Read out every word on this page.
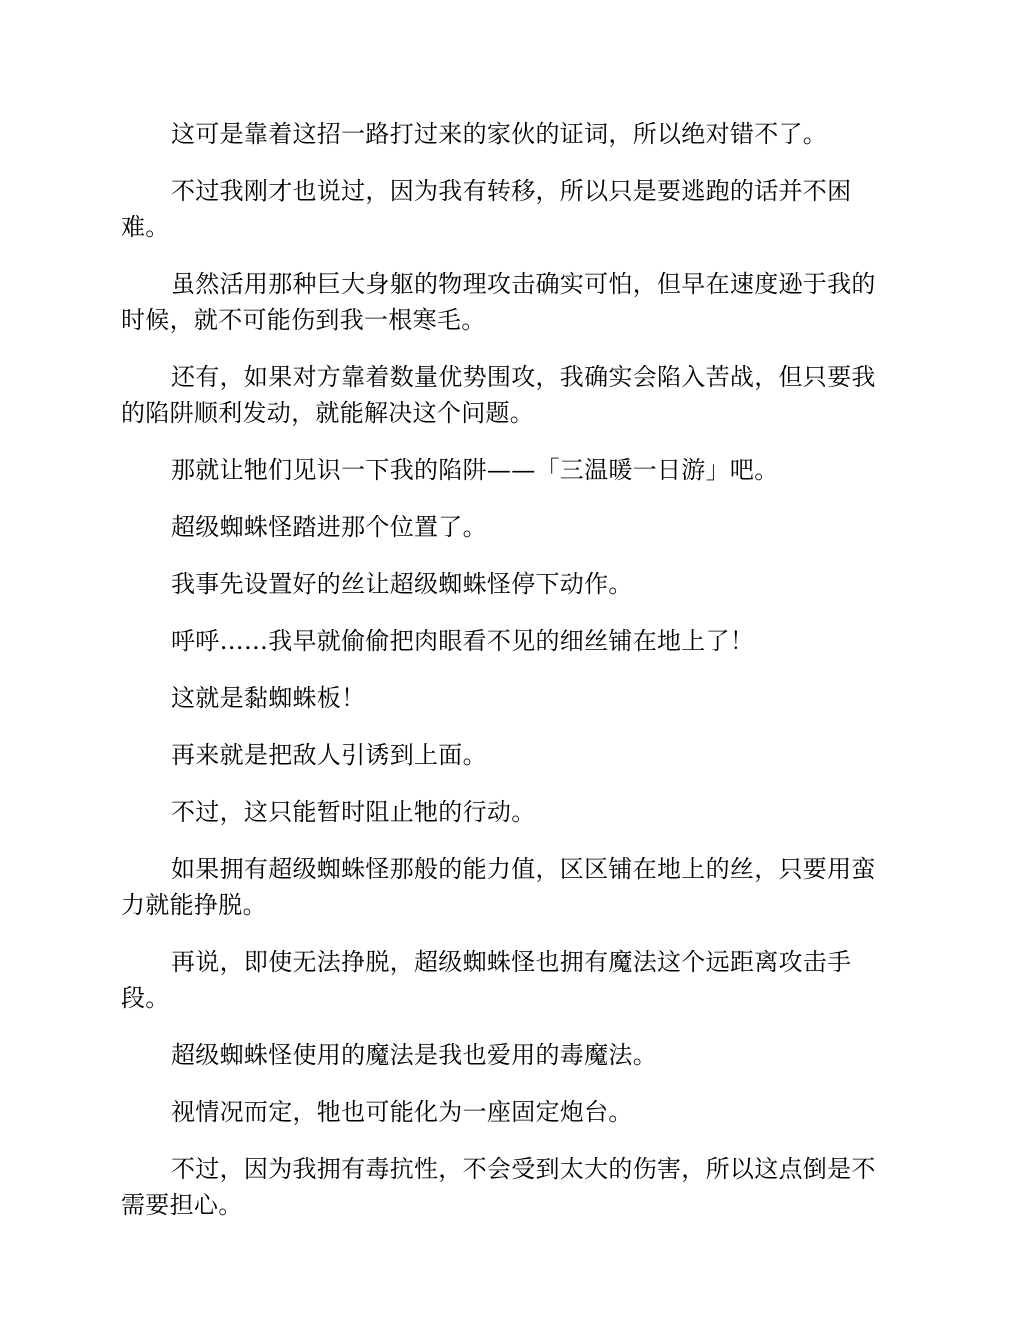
这可是靠着这招一路打过来的家伙的证词，所以绝对错不了。

不过我刚才也说过，因为我有转移，所以只是要逃跑的话并不困难。

虽然活用那种巨大身躯的物理攻击确实可怕，但早在速度逊于我的时候，就不可能伤到我一根寒毛。

还有，如果对方靠着数量优势围攻，我确实会陷入苦战，但只要我的陷阱顺利发动，就能解决这个问题。

那就让牠们见识一下我的陷阱——「三温暖一日游」吧。

超级蜘蛛怪踏进那个位置了。

我事先设置好的丝让超级蜘蛛怪停下动作。

呼呼……我早就偷偷把肉眼看不见的细丝铺在地上了！

这就是黏蜘蛛板！

再来就是把敌人引诱到上面。

不过，这只能暂时阻止牠的行动。

如果拥有超级蜘蛛怪那般的能力值，区区铺在地上的丝，只要用蛮力就能挣脱。

再说，即使无法挣脱，超级蜘蛛怪也拥有魔法这个远距离攻击手段。

超级蜘蛛怪使用的魔法是我也爱用的毒魔法。

视情况而定，牠也可能化为一座固定炮台。

不过，因为我拥有毒抗性，不会受到太大的伤害，所以这点倒是不需要担心。
